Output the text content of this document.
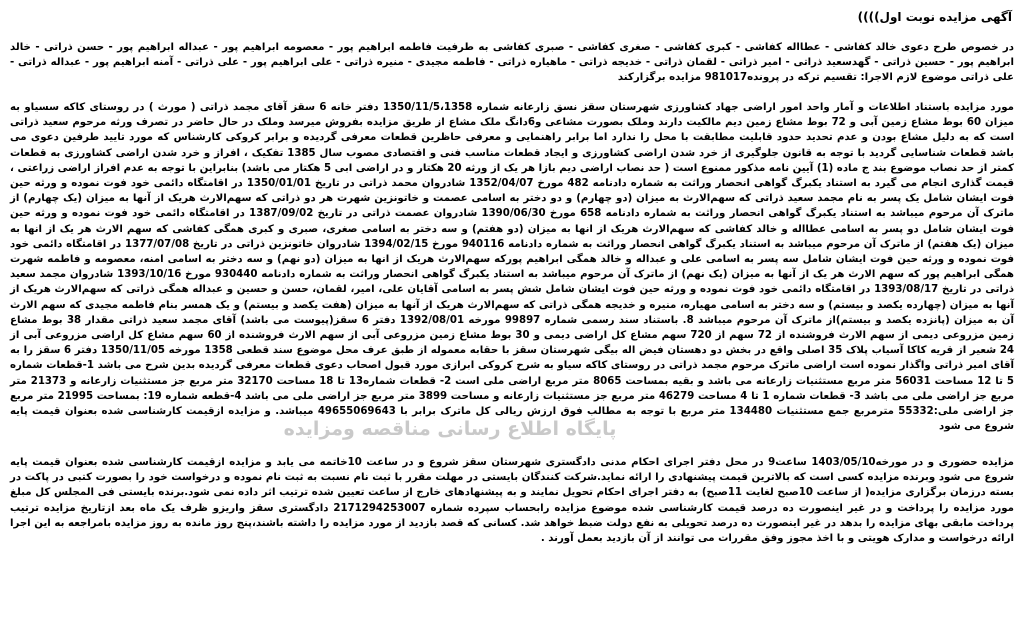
آگهی مزایده نوبت اول))))
در خصوص طرح دعوی خالد کفاشی - عطااله کفاشی - کبری کفاشی - صغری کفاشی - صبری کفاشی به طرفیت فاطمه ابراهیم پور - معصومه ابراهیم پور - عبداله ابراهیم پور - حسن ذراتی - خالد ابراهیم پور - حسین ذراتی - گهدسعید ذراتی - امیر ذراتی - لقمان ذراتی - خدیجه ذراتی - ماهیاره ذراتی - فاطمه مجیدی - منیره ذراتی - علی ابراهیم پور - علی ذراتی - آمنه ابراهیم پور - عبداله ذراتی - علی ذراتی موضوع لازم الاجرا: تقسیم ترکه در پرونده981017 مزایده برگزارکند
مورد مزایده باستناد اطلاعات و آمار واحد امور اراضی جهاد کشاورزی شهرستان سقز نسق زارعانه شماره 1350/11/5،1358 دفتر خانه 6 سقز آقای مجمد ذراتی ( مورث ) در روستای کاکه سسیاو به میزان 60 بوط مشاع زمین آبی و 72 بوط مشاع زمین دیم مالکیت دارند وملک بصورت مشاعی و6دانگ ملک مشاع از طریق مزایده بفروش میرسد وملک در حال حاضر در تصرف ورثه مرحوم سعید ذراتی است که به دلیل مشاع بودن و عدم تحدید حدود قابلیت مطابقت با محل را ندارد اما برابر راهنمایی و معرفی حاظرین قطعات معرفی گردیده و برابر کروکی کارشناس که مورد تایید طرفین دعوی می باشد قطعات شناسایی گردید با توجه به قانون جلوگیری از خرد شدن اراضی کشاورزی و ایجاد قطعات مناسب فنی و اقتصادی مصوب سال 1385 تفکیک ، افراز و خرد شدن اراضی کشاورزی به قطعات کمتر از حد نصاب موضوع بند ج ماده (1) آیین نامه مذکور ممنوع است ( حد نصاب اراضی دیم بازا هر یک از ورثه 20 هکتار و در اراضی ابی 5 هکتار می باشد) بنابراین با توجه به عدم افراز اراضی زراعتی ، قیمت گذاری انجام می گیرد به استناد یکبرگ گواهی انحصار وراثت به شماره دادنامه 482 مورخ 1352/04/07 شادروان محمد ذراتی در تاریخ 1350/01/01 در اقامتگاه دائمی خود فوت نموده و ورثه حین فوت ایشان شامل یک پسر به نام مجمد سعید ذراتی که سهم‌الارث به میزان (دو چهارم) و دو دختر به اسامی عصمت و خاتونزین شهرت هر دو ذراتی که سهم‌الارث هریک از آنها به میزان (یک چهارم) از ماترک آن مرحوم میباشد به استناد یکبرگ گواهی انحصار وراثت به شماره دادنامه 658 مورخ 1390/06/30 شادروان عصمت ذراتی در تاریخ 1387/09/02 در اقامتگاه دائمی خود فوت نموده و ورثه حین فوت ایشان شامل دو پسر به اسامی عطااله و خالد کفاشی که سهم‌الارث هریک از انها به میزان (دو هفتم) و سه دختر به اسامی صغری، صبری و کبری همگی کفاشی که سهم الارث هر یک از انها به میزان (یک هفتم) از ماترک آن مرحوم میباشد به استناد یکبرگ گواهی انحصار وراثت به شماره دادنامه 940116 مورخ 1394/02/15 شادروان خاتونزین ذراتی در تاریخ 1377/07/08 در اقامتگاه دائمی خود فوت نموده و ورثه حین فوت ایشان شامل سه پسر به اسامی علی و عبداله و خالد همگی ابراهیم پورکه سهم‌الارث هریک از انها به میزان (دو نهم) و سه دختر به اسامی امنه، معصومه و فاطمه شهرت همگی ابراهیم پور که سهم الارث هر یک از آنها به میزان (یک نهم) از ماترک آن مرحوم میباشد به استناد یکبرگ گواهی انحصار وراثت به شماره دادنامه 930440 مورخ 1393/10/16 شادروان مجمد سعید ذراتی در تاریخ 1393/08/17 در اقامتگاه دائمی خود فوت نموده و ورثه حین فوت ایشان شامل شش پسر به اسامی آقایان علی، امیر، لقمان، حسن و حسین و عبداله همگی ذراتی که سهم‌الارث هریک از آنها به میزان (چهارده یکصد و بیستم) و سه دختر به اسامی مهیاره، منیره و خدیجه همگی ذراتی که سهم‌الارث هریک از آنها به میزان (هفت یکصد و بیستم) و یک همسر بنام فاطمه مجیدی که سهم الارث آن به میزان (پانزده یکصد و بیستم)از ماترک آن مرحوم میباشد 8. باستناد سند رسمی شماره 99897 مورخه 1392/08/01 دفتر 6 سقز(پیوست می باشد) آقای مجمد سعید ذراتی مقدار 38 بوط مشاع زمین مزروعی دیمی از سهم الارث فروشنده از 72 سهم از 720 سهم مشاع کل اراضی دیمی و 30 بوط مشاع زمین مزروعی آبی از سهم الارث فروشنده از 60 سهم مشاع کل اراضی مزروعی آبی از 24 شعیر از قریه کاکا آسیاب پلاک 35 اصلی واقع در بخش دو دهستان فیض اله بیگی شهرستان سقز با حقابه معموله از طبق عرف محل موضوع سند قطعی 1358 مورخه 1350/11/05 دفتر 6 سقز را به آقای امیر ذراتی واگذار نموده است اراضی ماترک مرحوم مجمد ذراتی در روستای کاکه سیاو به شرح کروکی ابرازی مورد قبول اصحاب دعوی قطعات معرفی گردیده بدین شرح می باشد 1-قطعات شماره 5 تا 12 مساحت 56031 متر مربع مستثنیات زارعانه می باشد و بقیه بمساحت 8065 متر مربع اراضی ملی است 2- قطعات شماره13 تا 18 مساحت 32170 متر مربع جز مستثنیات زارعانه و 21373 متر مربع جز اراضی ملی می باشد 3- قطعات شماره 1 تا 4 مساحت 46279 متر مربع جز مستثنیات زارعانه و مساحت 3899 متر مربع جز اراضی ملی می باشد 4-قطعه شماره 19: بمساحت 21995 متر مربع جز اراضی ملی:55332 مترمربع جمع مستثنیات 134480 متر مربع با توجه به مطالب فوق ارزش ریالی کل ماترک برابر با 49655069643 میباشد. و مزایده ازقیمت کارشناسی شده بعنوان قیمت پایه شروع می شود
پایگاه اطلاع رسانی مناقصه ومزایده
مزایده حضوری و در مورخه1403/05/10 ساعت9 در محل دفتر اجرای احکام مدنی دادگستری شهرستان سقز شروع و در ساعت 10خاتمه می یابد و مزایده ازقیمت کارشناسی شده بعنوان قیمت پایه شروع می شود وبرنده مزایده کسی است که بالاترین قیمت پیشنهادی را ارائه نماید.شرکت کنندگان بایستی در مهلت مقرر با ثبت نام نسبت به ثبت نام نموده و درخواست خود را بصورت کتبی در پاکت در بسته درزمان برگزاری مزایده( از ساعت 10صبح لغایت 11صبح) به دفتر اجرای احکام تحویل نمایند و به پیشنهادهای خارج از ساعت تعیین شده ترتیب اثر داده نمی شود.برنده بایستی فی المجلس کل مبلغ مورد مزایده را پرداخت و در غیر اینصورت ده درصد قیمت کارشناسی شده موضوع مزایده رابحساب سپرده شماره 2171294253007 دادگستری سقز واریزو ظرف یک ماه بعد ازتاریخ مزایده ترتیب پرداخت مابقی بهای مزایده را بدهد در غیر اینصورت ده درصد تحویلی به نفع دولت ضبط خواهد شد. کسانی که قصد بازدید از مورد مزایده را داشته باشند،پنج روز مانده به روز مزایده بامراجعه به این اجرا ارائه درخواست و مدارک هویتی و با اخذ مجوز وفق مقررات می توانند از آن بازدید بعمل آورند .
